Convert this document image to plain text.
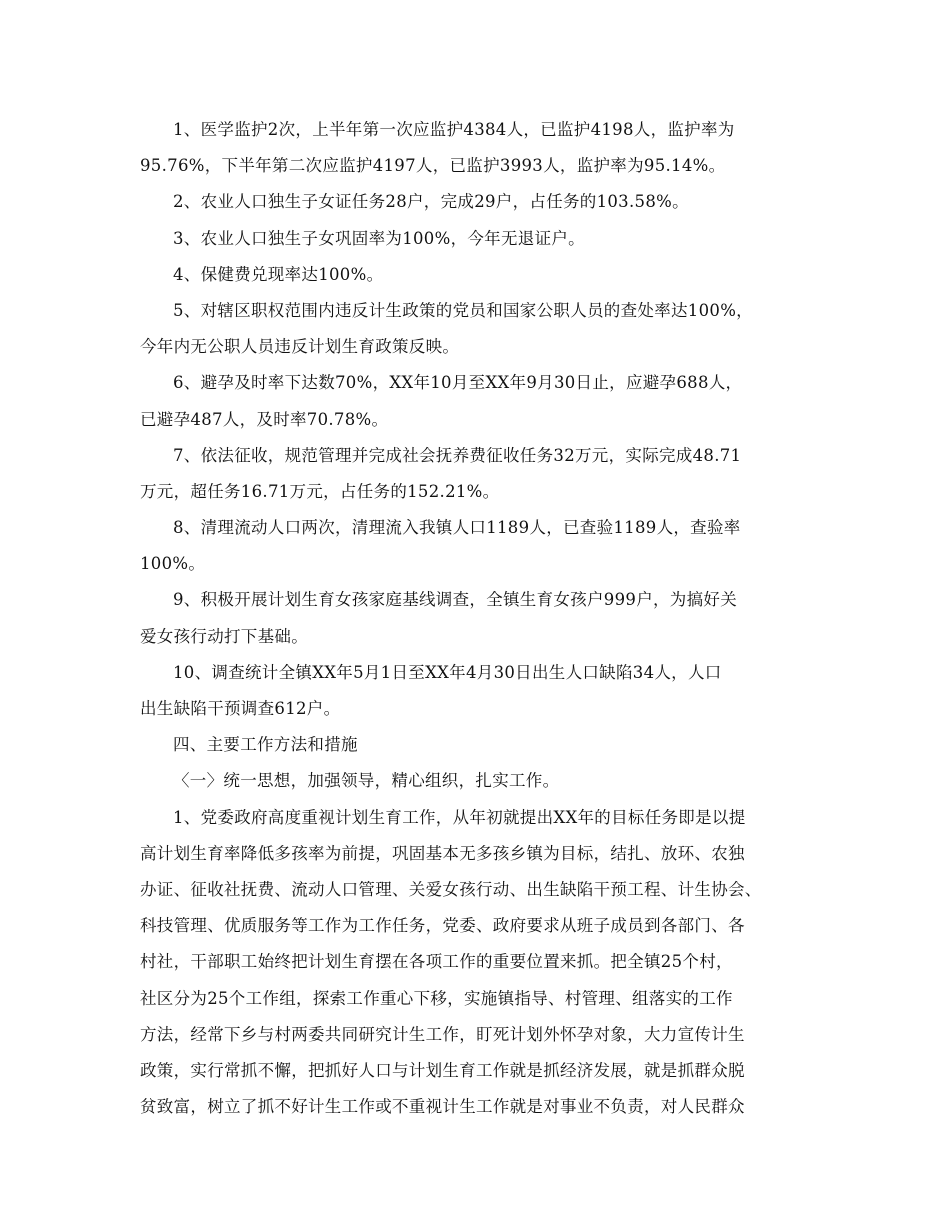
1、医学监护2次，上半年第一次应监护4384人，已监护4198人，监护率为
95.76%，下半年第二次应监护4197人，已监护3993人，监护率为95.14%。
2、农业人口独生子女证任务28户，完成29户，占任务的103.58%。
3、农业人口独生子女巩固率为100%，今年无退证户。
4、保健费兑现率达100%。
5、对辖区职权范围内违反计生政策的党员和国家公职人员的查处率达100%，
今年内无公职人员违反计划生育政策反映。
6、避孕及时率下达数70%，XX年10月至XX年9月30日止，应避孕688人，
已避孕487人，及时率70.78%。
7、依法征收，规范管理并完成社会抚养费征收任务32万元，实际完成48.71
万元，超任务16.71万元，占任务的152.21%。
8、清理流动人口两次，清理流入我镇人口1189人，已查验1189人，查验率
100%。
9、积极开展计划生育女孩家庭基线调查，全镇生育女孩户999户，为搞好关
爱女孩行动打下基础。
10、调查统计全镇XX年5月1日至XX年4月30日出生人口缺陷34人，人口
出生缺陷干预调查612户。
四、主要工作方法和措施
〈一〉统一思想，加强领导，精心组织，扎实工作。
1、党委政府高度重视计划生育工作，从年初就提出XX年的目标任务即是以提
高计划生育率降低多孩率为前提，巩固基本无多孩乡镇为目标，结扎、放环、农独
办证、征收社抚费、流动人口管理、关爱女孩行动、出生缺陷干预工程、计生协会、
科技管理、优质服务等工作为工作任务，党委、政府要求从班子成员到各部门、各
村社，干部职工始终把计划生育摆在各项工作的重要位置来抓。把全镇25个村，
社区分为25个工作组，探索工作重心下移，实施镇指导、村管理、组落实的工作
方法，经常下乡与村两委共同研究计生工作，盯死计划外怀孕对象，大力宣传计生
政策，实行常抓不懈，把抓好人口与计划生育工作就是抓经济发展，就是抓群众脱
贫致富，树立了抓不好计生工作或不重视计生工作就是对事业不负责，对人民群众
